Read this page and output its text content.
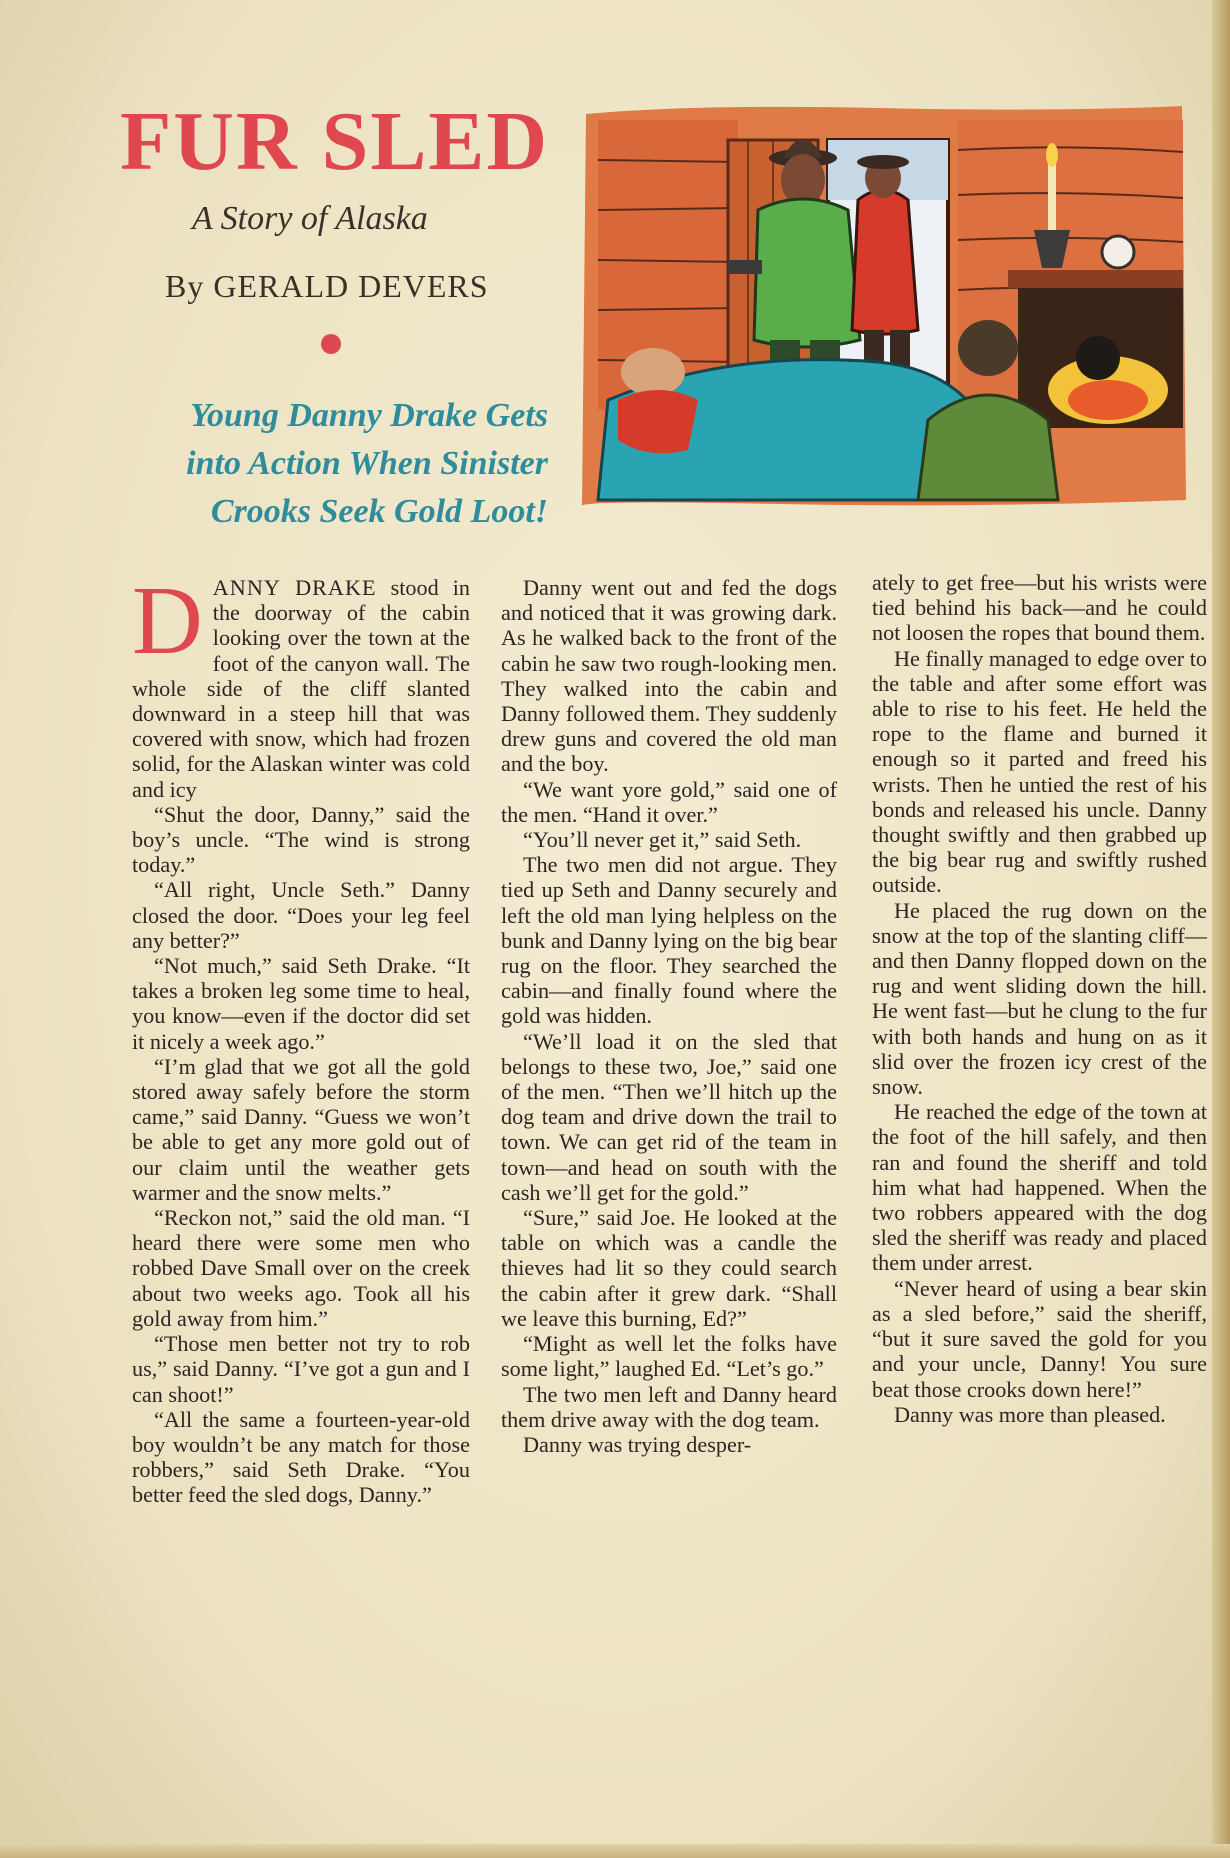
FUR SLED
A Story of Alaska
By GERALD DEVERS
Young Danny Drake Gets
into Action When Sinister
Crooks Seek Gold Loot!

DANNY DRAKE stood in the doorway of the cabin looking over the town at the foot of the canyon wall. The whole side of the cliff slanted downward in a steep hill that was covered with snow, which had frozen solid, for the Alaskan winter was cold and icy

“Shut the door, Danny,” said the boy’s uncle. “The wind is strong today.”

“All right, Uncle Seth.” Danny closed the door. “Does your leg feel any better?”

“Not much,” said Seth Drake. “It takes a broken leg some time to heal, you know—even if the doctor did set it nicely a week ago.”

“I’m glad that we got all the gold stored away safely before the storm came,” said Danny. “Guess we won’t be able to get any more gold out of our claim until the weather gets warmer and the snow melts.”

“Reckon not,” said the old man. “I heard there were some men who robbed Dave Small over on the creek about two weeks ago. Took all his gold away from him.”

“Those men better not try to rob us,” said Danny. “I’ve got a gun and I can shoot!”

“All the same a fourteen-year-old boy wouldn’t be any match for those robbers,” said Seth Drake. “You better feed the sled dogs, Danny.”

Danny went out and fed the dogs and noticed that it was growing dark. As he walked back to the front of the cabin he saw two rough-looking men. They walked into the cabin and Danny followed them. They suddenly drew guns and covered the old man and the boy.

“We want yore gold,” said one of the men. “Hand it over.”

“You’ll never get it,” said Seth.

The two men did not argue. They tied up Seth and Danny securely and left the old man lying helpless on the bunk and Danny lying on the big bear rug on the floor. They searched the cabin—and finally found where the gold was hidden.

“We’ll load it on the sled that belongs to these two, Joe,” said one of the men. “Then we’ll hitch up the dog team and drive down the trail to town. We can get rid of the team in town—and head on south with the cash we’ll get for the gold.”

“Sure,” said Joe. He looked at the table on which was a candle the thieves had lit so they could search the cabin after it grew dark. “Shall we leave this burning, Ed?”

“Might as well let the folks have some light,” laughed Ed. “Let’s go.”

The two men left and Danny heard them drive away with the dog team.

Danny was trying desper-

ately to get free—but his wrists were tied behind his back—and he could not loosen the ropes that bound them.

He finally managed to edge over to the table and after some effort was able to rise to his feet. He held the rope to the flame and burned it enough so it parted and freed his wrists. Then he untied the rest of his bonds and released his uncle. Danny thought swiftly and then grabbed up the big bear rug and swiftly rushed outside.

He placed the rug down on the snow at the top of the slanting cliff—and then Danny flopped down on the rug and went sliding down the hill. He went fast—but he clung to the fur with both hands and hung on as it slid over the frozen icy crest of the snow.

He reached the edge of the town at the foot of the hill safely, and then ran and found the sheriff and told him what had happened. When the two robbers appeared with the dog sled the sheriff was ready and placed them under arrest.

“Never heard of using a bear skin as a sled before,” said the sheriff, “but it sure saved the gold for you and your uncle, Danny! You sure beat those crooks down here!”

Danny was more than pleased.
